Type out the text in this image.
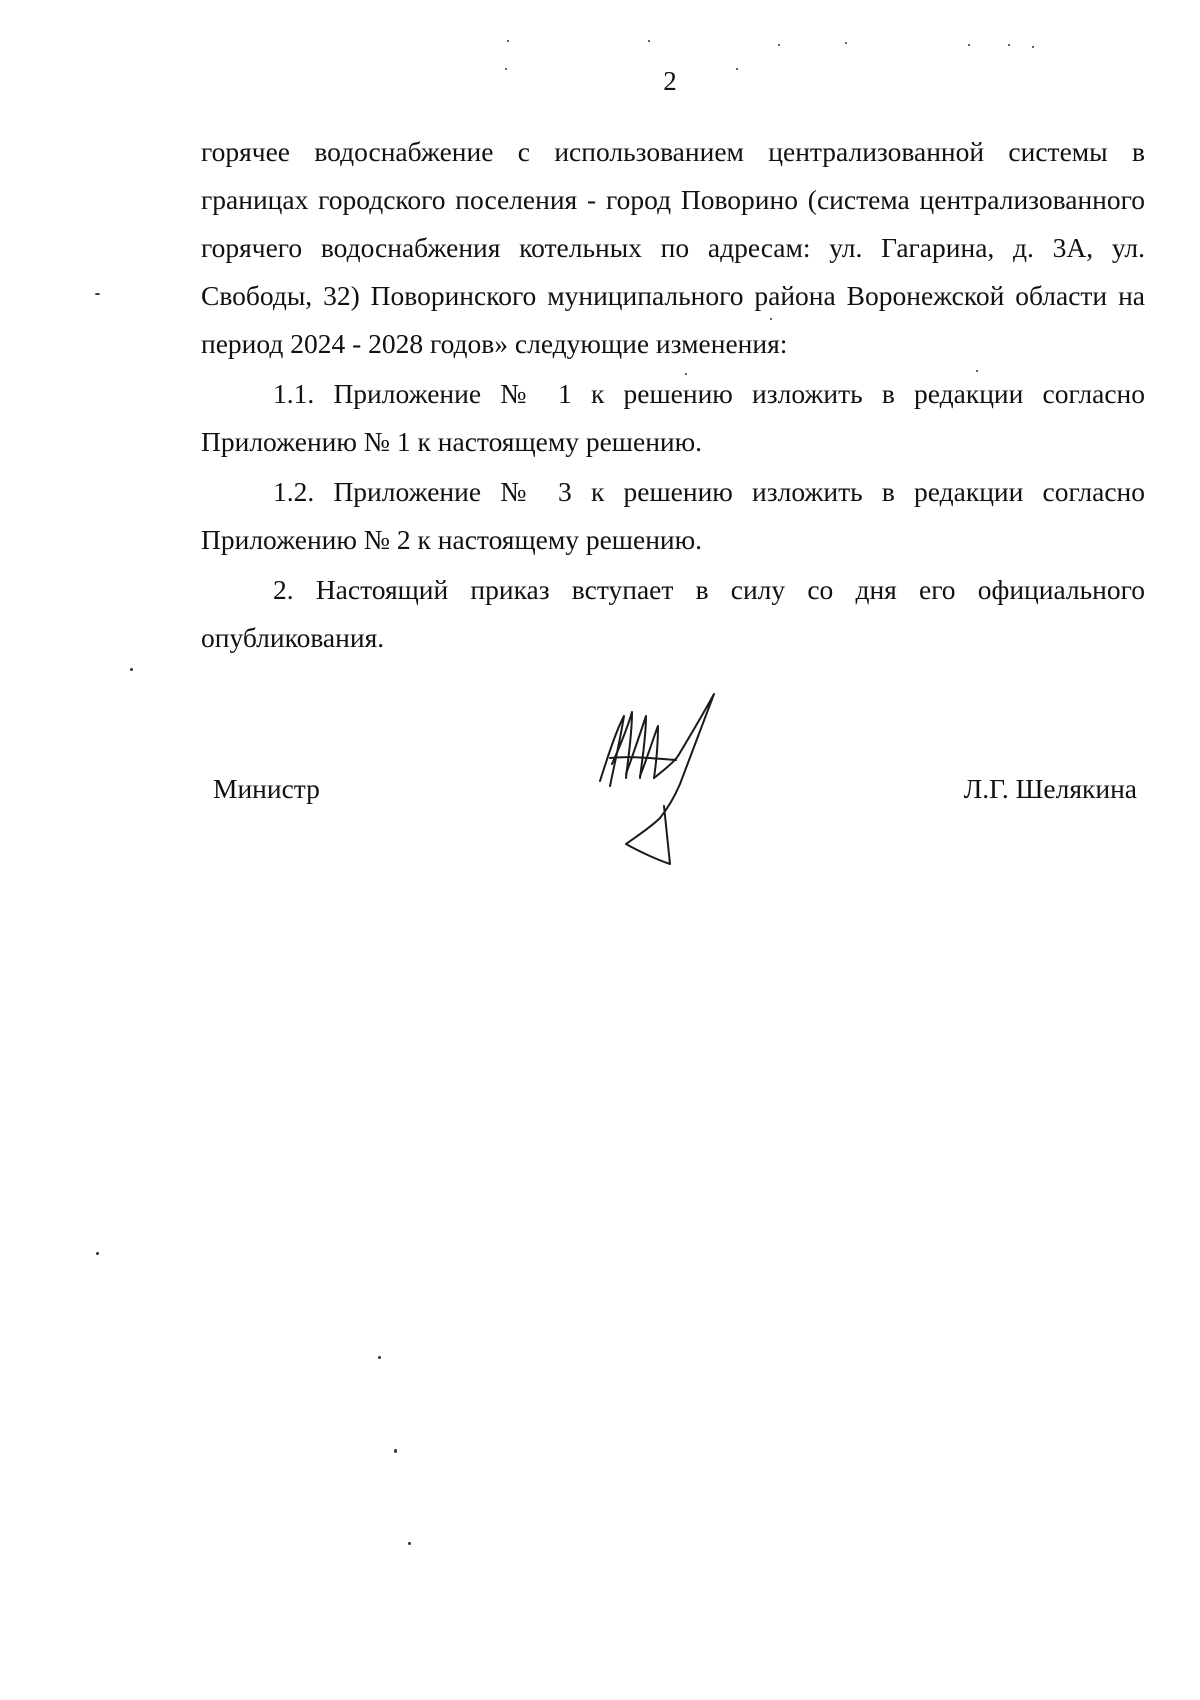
2

горячее водоснабжение с использованием централизованной системы в границах городского поселения - город Поворино (система централизованного горячего водоснабжения котельных по адресам: ул. Гагарина, д. 3А, ул. Свободы, 32) Поворинского муниципального района Воронежской области на период 2024 - 2028 годов» следующие изменения:

1.1. Приложение № 1 к решению изложить в редакции согласно Приложению № 1 к настоящему решению.

1.2. Приложение № 3 к решению изложить в редакции согласно Приложению № 2 к настоящему решению.

2. Настоящий приказ вступает в силу со дня его официального опубликования.

Министр	Л.Г. Шелякина
